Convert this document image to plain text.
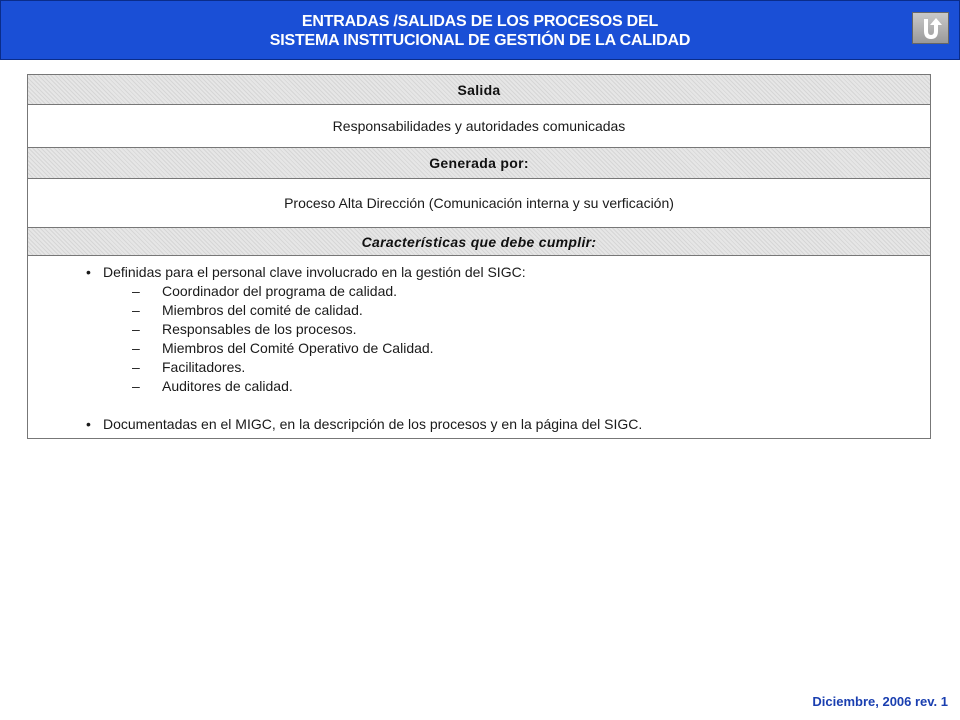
ENTRADAS /SALIDAS DE LOS PROCESOS DEL
SISTEMA INSTITUCIONAL DE GESTIÓN DE LA CALIDAD
Salida
Responsabilidades y autoridades comunicadas
Generada por:
Proceso Alta Dirección (Comunicación interna y su verficación)
Características que debe cumplir:
• Definidas para el personal clave involucrado en la gestión del SIGC:
– Coordinador del programa de calidad.
– Miembros del comité de calidad.
– Responsables de los procesos.
– Miembros del Comité Operativo de Calidad.
– Facilitadores.
– Auditores de calidad.
• Documentadas en el MIGC, en la descripción de los procesos y en la página del SIGC.
Diciembre, 2006 rev. 1
